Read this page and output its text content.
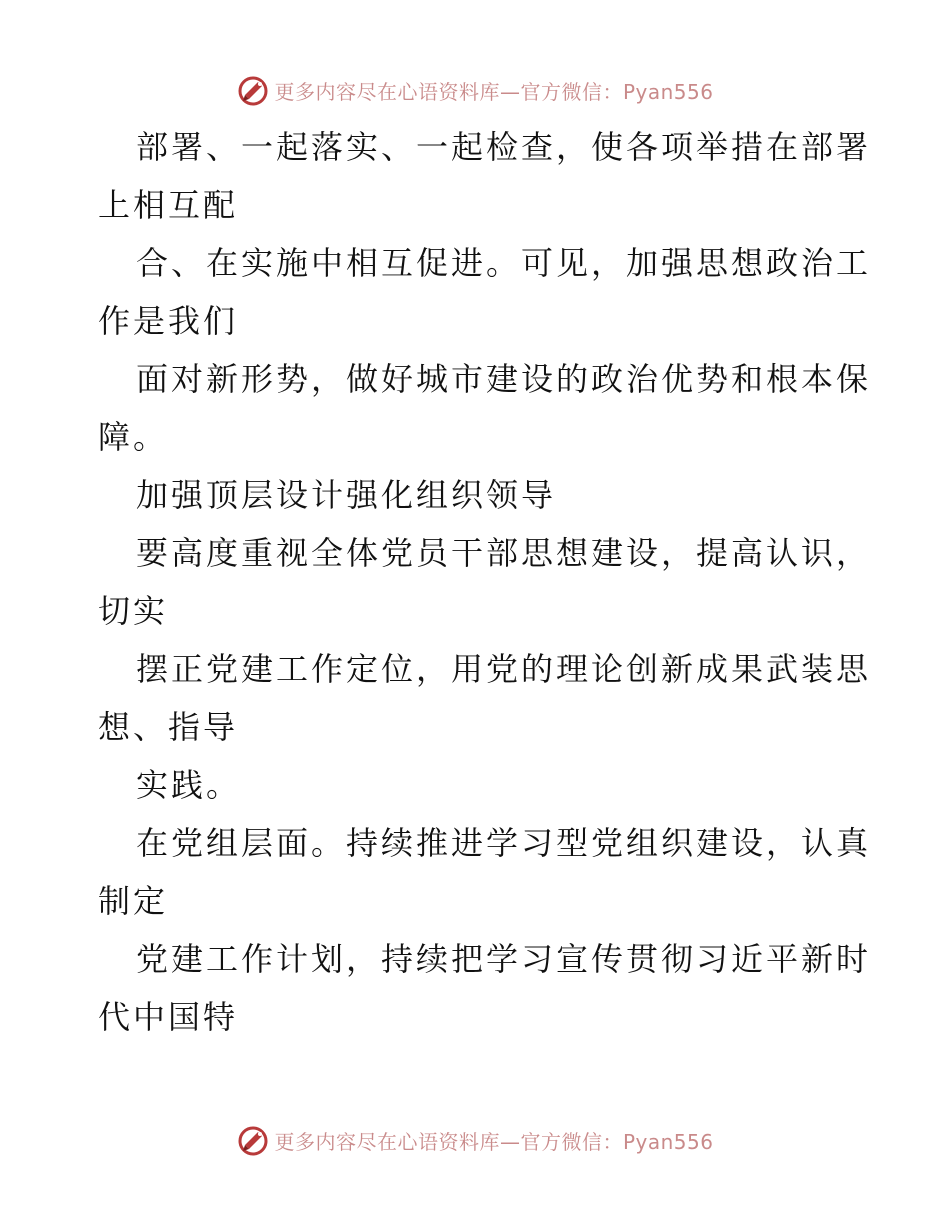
更多内容尽在心语资料库—官方微信：Pyan556
部署、一起落实、一起检查，使各项举措在部署
上相互配
合、在实施中相互促进。可见，加强思想政治工
作是我们
面对新形势，做好城市建设的政治优势和根本保
障。
加强顶层设计强化组织领导
要高度重视全体党员干部思想建设，提高认识，
切实
摆正党建工作定位，用党的理论创新成果武装思
想、指导
实践。
在党组层面。持续推进学习型党组织建设，认真
制定
党建工作计划，持续把学习宣传贯彻习近平新时
代中国特
更多内容尽在心语资料库—官方微信：Pyan556
